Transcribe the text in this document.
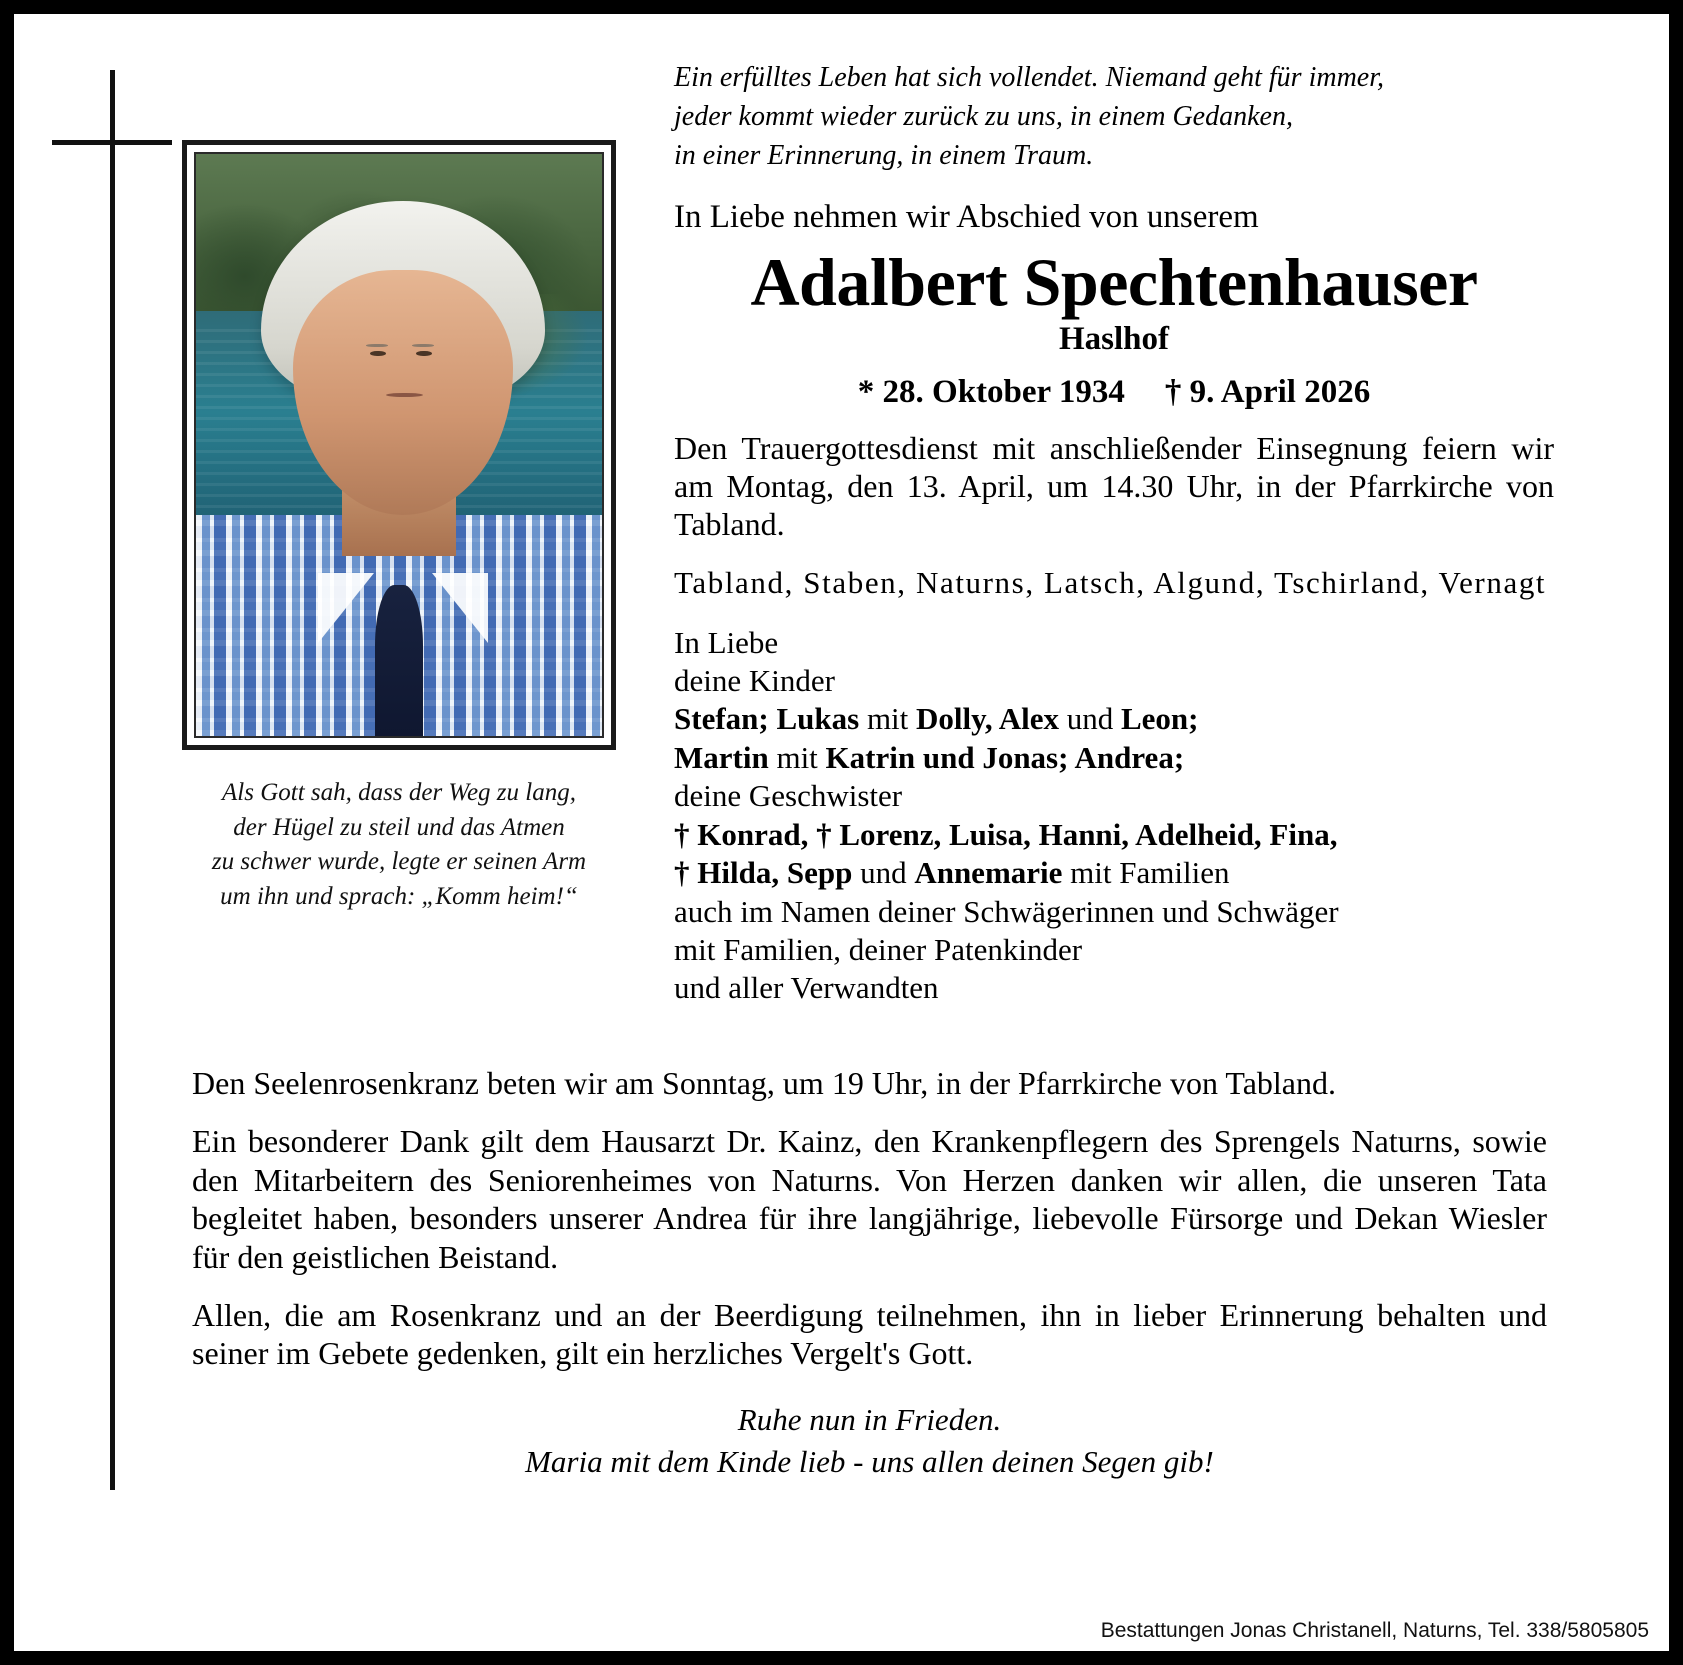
Als Gott sah, dass der Weg zu lang,
der Hügel zu steil und das Atmen
zu schwer wurde, legte er seinen Arm
um ihn und sprach: „Komm heim!“
Ein erfülltes Leben hat sich vollendet. Niemand geht für immer,
jeder kommt wieder zurück zu uns, in einem Gedanken,
in einer Erinnerung, in einem Traum.
In Liebe nehmen wir Abschied von unserem
Adalbert Spechtenhauser
Haslhof
* 28. Oktober 1934 † 9. April 2026
Den Trauergottesdienst mit anschließender Einsegnung feiern wir am Montag, den 13. April, um 14.30 Uhr, in der Pfarrkirche von Tabland.
Tabland, Staben, Naturns, Latsch, Algund, Tschirland, Vernagt
In Liebe
deine Kinder
Stefan; Lukas mit Dolly, Alex und Leon;
Martin mit Katrin und Jonas; Andrea;
deine Geschwister
† Konrad, † Lorenz, Luisa, Hanni, Adelheid, Fina,
† Hilda, Sepp und Annemarie mit Familien
auch im Namen deiner Schwägerinnen und Schwäger
mit Familien, deiner Patenkinder
und aller Verwandten
Den Seelenrosenkranz beten wir am Sonntag, um 19 Uhr, in der Pfarrkirche von Tabland.
Ein besonderer Dank gilt dem Hausarzt Dr. Kainz, den Krankenpflegern des Sprengels Naturns, sowie den Mitarbeitern des Seniorenheimes von Naturns. Von Herzen danken wir allen, die unseren Tata begleitet haben, besonders unserer Andrea für ihre langjährige, liebevolle Fürsorge und Dekan Wiesler für den geistlichen Beistand.
Allen, die am Rosenkranz und an der Beerdigung teilnehmen, ihn in lieber Erinnerung behalten und seiner im Gebete gedenken, gilt ein herzliches Vergelt's Gott.
Ruhe nun in Frieden.
Maria mit dem Kinde lieb - uns allen deinen Segen gib!
Bestattungen Jonas Christanell, Naturns, Tel. 338/5805805
